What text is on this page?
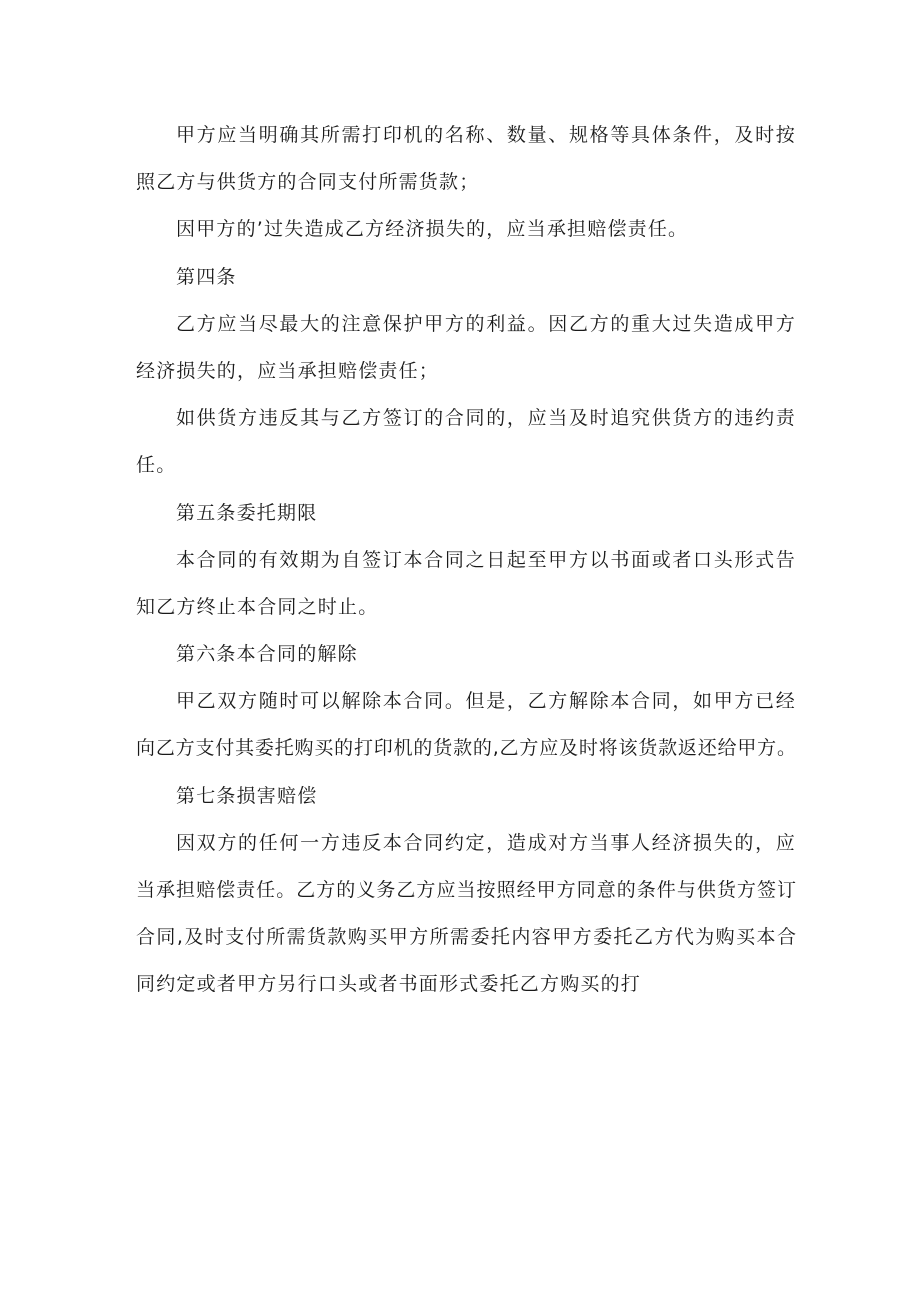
甲方应当明确其所需打印机的名称、数量、规格等具体条件，及时按
照乙方与供货方的合同支付所需货款；
因甲方的’过失造成乙方经济损失的，应当承担赔偿责任。
第四条
乙方应当尽最大的注意保护甲方的利益。因乙方的重大过失造成甲方
经济损失的，应当承担赔偿责任；
如供货方违反其与乙方签订的合同的，应当及时追究供货方的违约责
任。
第五条委托期限
本合同的有效期为自签订本合同之日起至甲方以书面或者口头形式告
知乙方终止本合同之时止。
第六条本合同的解除
甲乙双方随时可以解除本合同。但是，乙方解除本合同，如甲方已经
向乙方支付其委托购买的打印机的货款的,乙方应及时将该货款返还给甲方。
第七条损害赔偿
因双方的任何一方违反本合同约定，造成对方当事人经济损失的，应
当承担赔偿责任。乙方的义务乙方应当按照经甲方同意的条件与供货方签订
合同,及时支付所需货款购买甲方所需委托内容甲方委托乙方代为购买本合
同约定或者甲方另行口头或者书面形式委托乙方购买的打
